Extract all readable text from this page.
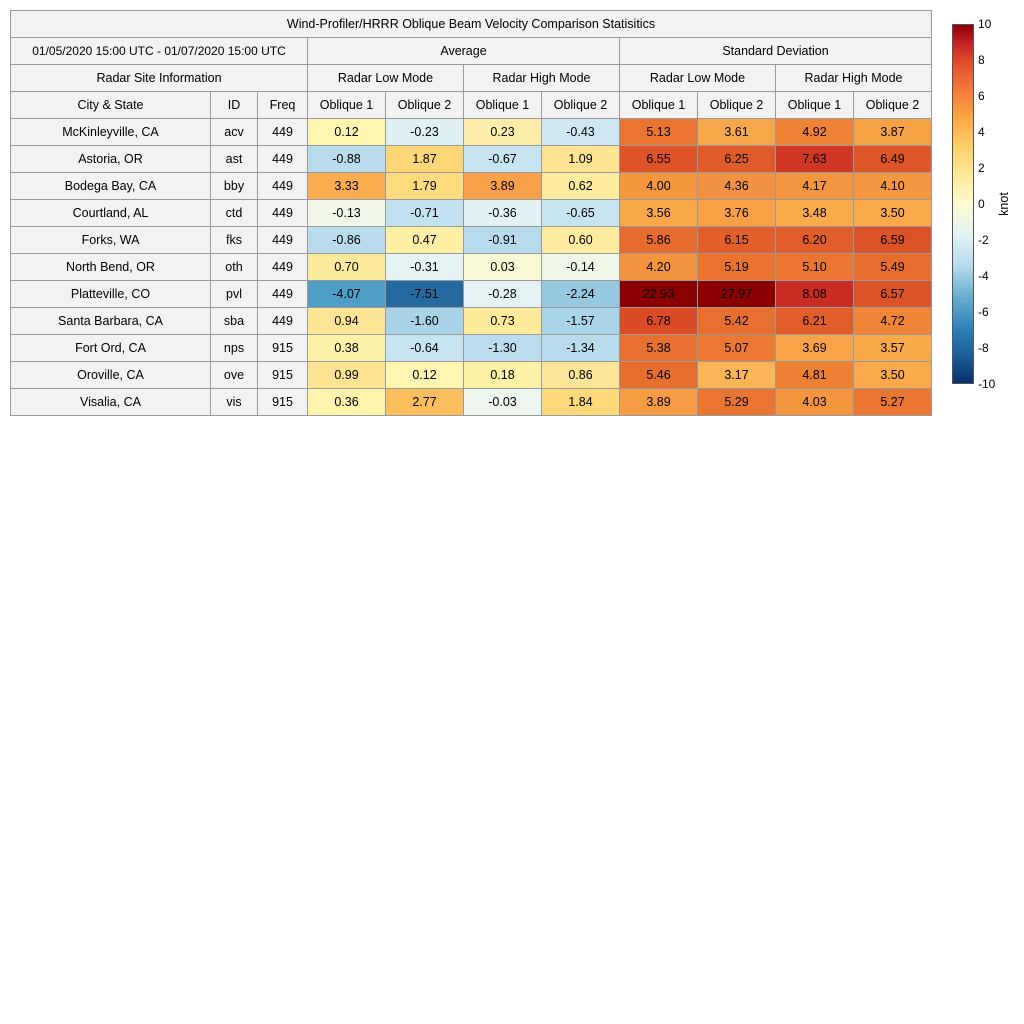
Wind-Profiler/HRRR Oblique Beam Velocity Comparison Statisitics										
01/05/2020 15:00 UTC - 01/07/2020 15:00 UTC			Average				Standard Deviation			
Radar Site Information			Radar Low Mode		Radar High Mode		Radar Low Mode		Radar High Mode	
City & State	ID	Freq	Oblique 1	Oblique 2	Oblique 1	Oblique 2	Oblique 1	Oblique 2	Oblique 1	Oblique 2
McKinleyville, CA	acv	449	0.12	-0.23	0.23	-0.43	5.13	3.61	4.92	3.87
Astoria, OR	ast	449	-0.88	1.87	-0.67	1.09	6.55	6.25	7.63	6.49
Bodega Bay, CA	bby	449	3.33	1.79	3.89	0.62	4.00	4.36	4.17	4.10
Courtland, AL	ctd	449	-0.13	-0.71	-0.36	-0.65	3.56	3.76	3.48	3.50
Forks, WA	fks	449	-0.86	0.47	-0.91	0.60	5.86	6.15	6.20	6.59
North Bend, OR	oth	449	0.70	-0.31	0.03	-0.14	4.20	5.19	5.10	5.49
Platteville, CO	pvl	449	-4.07	-7.51	-0.28	-2.24	22.93	27.97	8.08	6.57
Santa Barbara, CA	sba	449	0.94	-1.60	0.73	-1.57	6.78	5.42	6.21	4.72
Fort Ord, CA	nps	915	0.38	-0.64	-1.30	-1.34	5.38	5.07	3.69	3.57
Oroville, CA	ove	915	0.99	0.12	0.18	0.86	5.46	3.17	4.81	3.50
Visalia, CA	vis	915	0.36	2.77	-0.03	1.84	3.89	5.29	4.03	5.27
10
8
6
4
2
0
-2
-4
-6
-8
-10
knot
